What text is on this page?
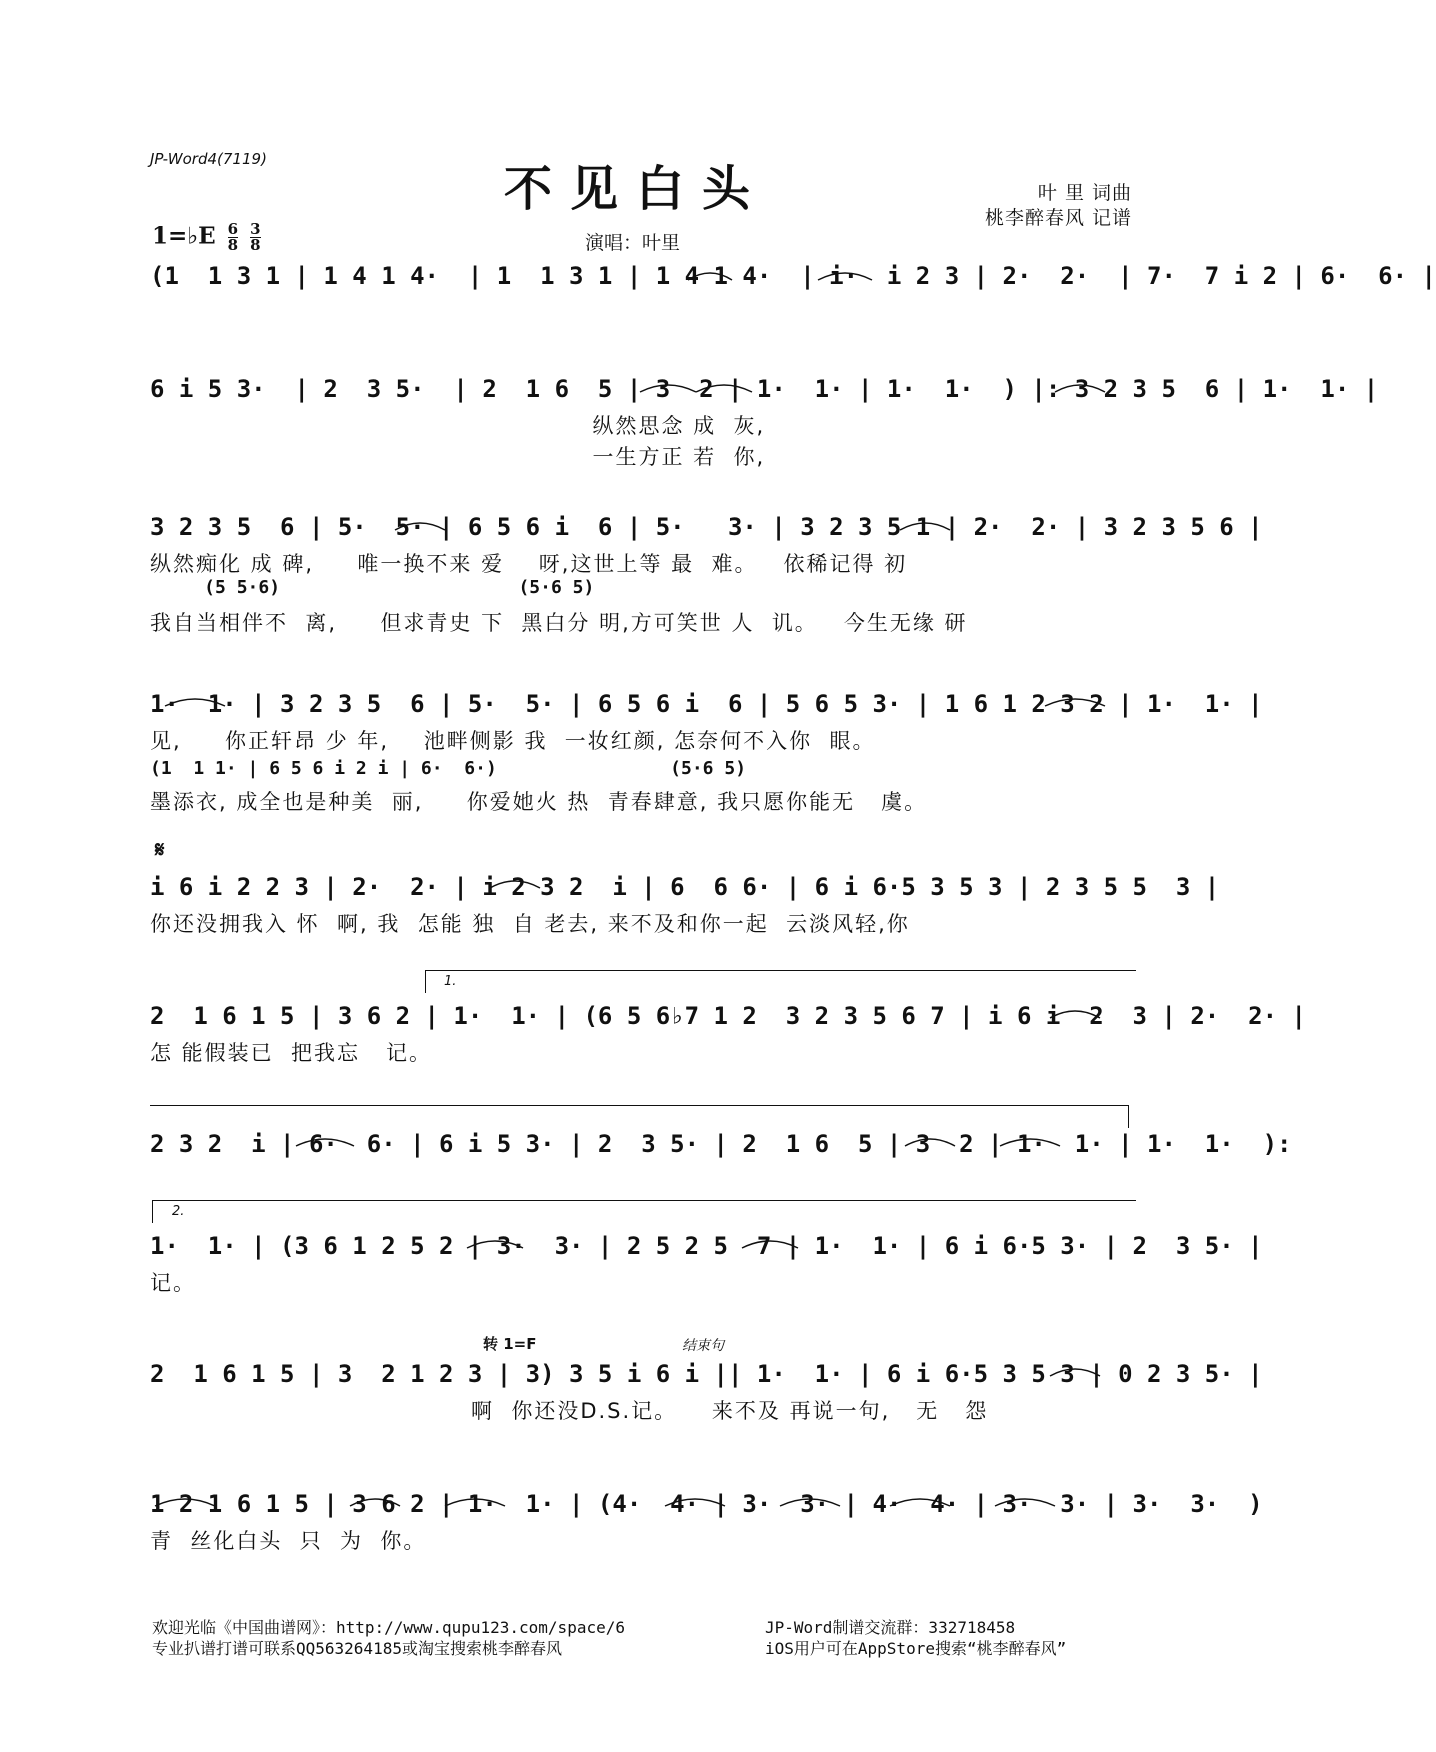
JP-Word4(7119)
不见白头	叶 里 词曲
桃李醉春风 记谱
1=♭E $\frac{6}{8}$
$\frac{3}{8}$	演唱：叶里
(1  1 3 1 | 1 4 1 4·  | 1  1 3 1 | 1 4 1 4·  | i·  i 2 3 | 2·  2·  | 7·  7 i 2 | 6·  6· |
6 i 5 3·  | 2  3 5·  | 2  1 6  5 | 3  2 | 1·  1· | 1·  1·  ) |: 3 2 3 5  6 | 1·  1· |
纵然思念 成  灰,
一生方正 若  你,
3 2 3 5  6 | 5·  5· | 6 5 6 i  6 | 5·   3· | 3 2 3 5 1 | 2·  2· | 3 2 3 5 6 |
纵然痴化 成 碑,     唯一换不来 爱    呀,这世上等 最  难。   依稀记得 初
(5 5·6)                      (5·6 5)
我自当相伴不  离,     但求青史 下  黑白分 明,方可笑世 人  讥。   今生无缘 研
1·  1· | 3 2 3 5  6 | 5·  5· | 6 5 6 i  6 | 5 6 5 3· | 1 6 1 2 3 2 | 1·  1· |
见,     你正轩昂 少 年,    池畔侧影 我  一妆红颜, 怎奈何不入你  眼。
(1  1 1· | 6 5 6 i 2 i | 6·  6·)                (5·6 5)
墨添衣, 成全也是种美  丽,     你爱她火 热  青春肆意, 我只愿你能无   虞。
𝄋
i 6 i 2 2 3 | 2·  2· | i 2 3 2  i | 6  6 6· | 6 i 6·5 3 5 3 | 2 3 5 5  3 |
你还没拥我入 怀  啊, 我  怎能 独  自 老去, 来不及和你一起  云淡风轻,你
1.
2  1 6 1 5 | 3 6 2 | 1·  1· | (6 5 6♭7 1 2  3 2 3 5 6 7 | i 6 i  2  3 | 2·  2· |
怎 能假装已  把我忘   记。
2 3 2  i | 6·  6· | 6 i 5 3· | 2  3 5· | 2  1 6  5 | 3  2 | 1·  1· | 1·  1·  ):
2.
1·  1· | (3 6 1 2 5 2 | 3·  3· | 2 5 2 5  7 | 1·  1· | 6 i 6·5 3· | 2  3 5· |
记。
转 1=F	结束句
2  1 6 1 5 | 3  2 1 2 3 | 3) 3 5 i 6 i || 1·  1· | 6 i 6·5 3 5 3 | 0 2 3 5· |
啊  你还没D.S.记。    来不及 再说一句,   无   怨
1 2 1 6 1 5 | 3 6 2 | 1·  1· | (4·  4· | 3·  3· | 4·  4· | 3·  3· | 3·  3·  )
青  丝化白头  只  为  你。
欢迎光临《中国曲谱网》：http://www.qupu123.com/space/6
专业扒谱打谱可联系QQ563264185或淘宝搜索桃李醉春风
JP-Word制谱交流群：332718458
iOS用户可在AppStore搜索“桃李醉春风”
